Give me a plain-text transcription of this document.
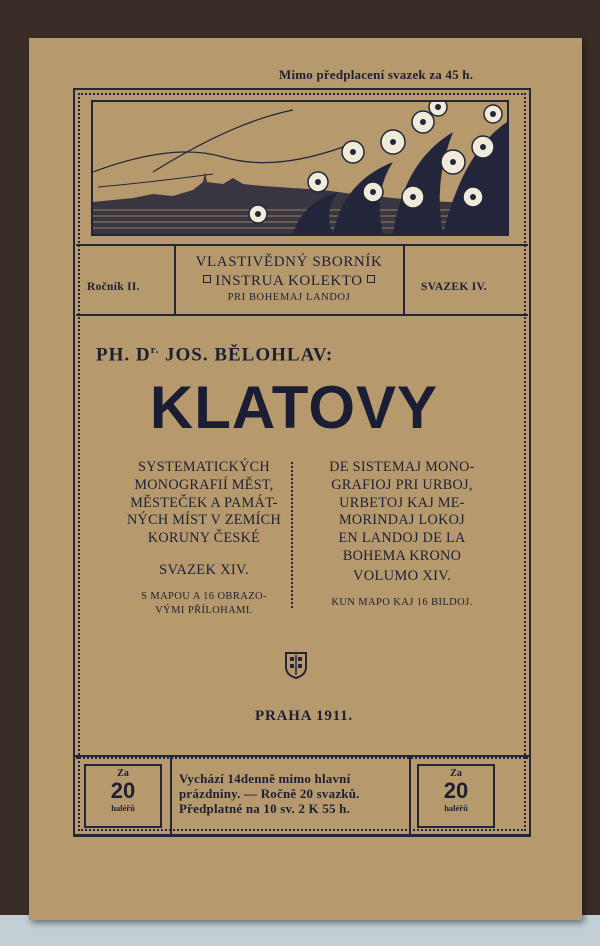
Mimo předplacení svazek za 45 h.
Ročník II.
VLASTIVĚDNÝ SBORNÍK
INSTRUA KOLEKTO
PRI BOHEMAJ LANDOJ
SVAZEK IV.
PH. $D^{r.}$ JOS. BĚLOHLAV:
KLATOVY
SYSTEMATICKÝCH
MONOGRAFIÍ MĚST,
MĚSTEČEK A PAMÁT-
NÝCH MÍST V ZEMÍCH
KORUNY ČESKÉ
SVAZEK XIV.
S MAPOU A 16 OBRAZO-
VÝMI PŘÍLOHAMI.
DE SISTEMAJ MONO-
GRAFIOJ PRI URBOJ,
URBETOJ KAJ ME-
MORINDAJ LOKOJ
EN LANDOJ DE LA
BOHEMA KRONO
VOLUMO XIV.
KUN MAPO KAJ 16 BILDOJ.
PRAHA 1911.
Za
20
haléřů
Vychází 14denně mimo hlavní
prázdniny. — Ročně 20 svazků.
Předplatné na 10 sv. 2 K 55 h.
Za
20
haléřů
